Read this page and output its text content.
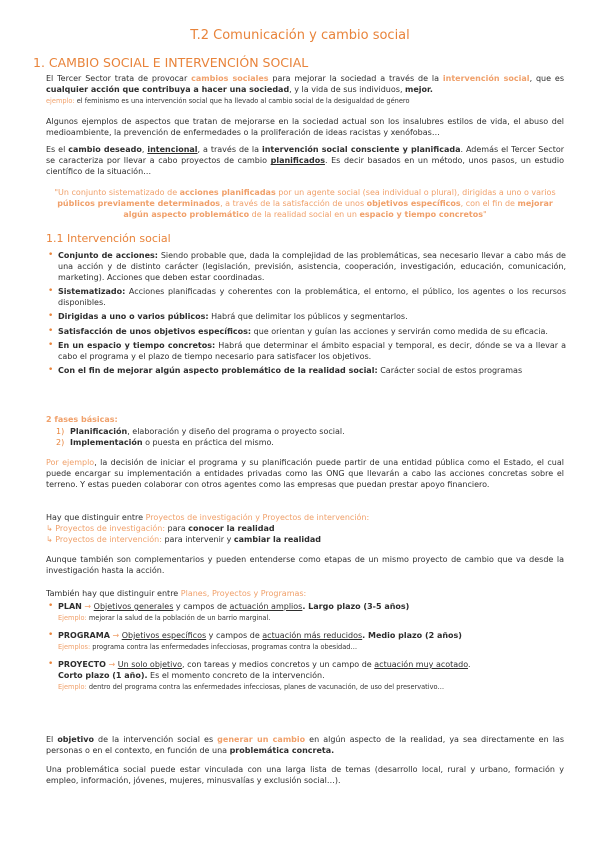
T.2 Comunicación y cambio social
1. CAMBIO SOCIAL E INTERVENCIÓN SOCIAL
El Tercer Sector trata de provocar cambios sociales para mejorar la sociedad a través de la intervención social, que es cualquier acción que contribuya a hacer una sociedad, y la vida de sus individuos, mejor.
ejemplo: el feminismo es una intervención social que ha llevado al cambio social de la desigualdad de género
Algunos ejemplos de aspectos que tratan de mejorarse en la sociedad actual son los insalubres estilos de vida, el abuso del medioambiente, la prevención de enfermedades o la proliferación de ideas racistas y xenófobas…
Es el cambio deseado, intencional, a través de la intervención social consciente y planificada. Además el Tercer Sector se caracteriza por llevar a cabo proyectos de cambio planificados. Es decir basados en un método, unos pasos, un estudio científico de la situación…
"Un conjunto sistematizado de acciones planificadas por un agente social (sea individual o plural), dirigidas a uno o varios públicos previamente determinados, a través de la satisfacción de unos objetivos específicos, con el fin de mejorar algún aspecto problemático de la realidad social en un espacio y tiempo concretos"
1.1 Intervención social
• Conjunto de acciones: Siendo probable que, dada la complejidad de las problemáticas, sea necesario llevar a cabo más de una acción y de distinto carácter (legislación, previsión, asistencia, cooperación, investigación, educación, comunicación, marketing). Acciones que deben estar coordinadas.
• Sistematizado: Acciones planificadas y coherentes con la problemática, el entorno, el público, los agentes o los recursos disponibles.
• Dirigidas a uno o varios públicos: Habrá que delimitar los públicos y segmentarlos.
• Satisfacción de unos objetivos específicos: que orientan y guían las acciones y servirán como medida de su eficacia.
• En un espacio y tiempo concretos: Habrá que determinar el ámbito espacial y temporal, es decir, dónde se va a llevar a cabo el programa y el plazo de tiempo necesario para satisfacer los objetivos.
• Con el fin de mejorar algún aspecto problemático de la realidad social: Carácter social de estos programas
2 fases básicas:
1) Planificación, elaboración y diseño del programa o proyecto social.
2) Implementación o puesta en práctica del mismo.
Por ejemplo, la decisión de iniciar el programa y su planificación puede partir de una entidad pública como el Estado, el cual puede encargar su implementación a entidades privadas como las ONG que llevarán a cabo las acciones concretas sobre el terreno. Y estas pueden colaborar con otros agentes como las empresas que puedan prestar apoyo financiero.
Hay que distinguir entre Proyectos de investigación y Proyectos de intervención:
↳ Proyectos de investigación: para conocer la realidad
↳ Proyectos de intervención: para intervenir y cambiar la realidad
Aunque también son complementarios y pueden entenderse como etapas de un mismo proyecto de cambio que va desde la investigación hasta la acción.
También hay que distinguir entre Planes, Proyectos y Programas:
• PLAN → Objetivos generales y campos de actuación amplios. Largo plazo (3-5 años)
Ejemplo: mejorar la salud de la población de un barrio marginal.
• PROGRAMA → Objetivos específicos y campos de actuación más reducidos. Medio plazo (2 años)
Ejemplos: programa contra las enfermedades infecciosas, programas contra la obesidad…
• PROYECTO → Un solo objetivo, con tareas y medios concretos y un campo de actuación muy acotado.
Corto plazo (1 año). Es el momento concreto de la intervención.
Ejemplo: dentro del programa contra las enfermedades infecciosas, planes de vacunación, de uso del preservativo…
El objetivo de la intervención social es generar un cambio en algún aspecto de la realidad, ya sea directamente en las personas o en el contexto, en función de una problemática concreta.
Una problemática social puede estar vinculada con una larga lista de temas (desarrollo local, rural y urbano, formación y empleo, información, jóvenes, mujeres, minusvalías y exclusión social…).
